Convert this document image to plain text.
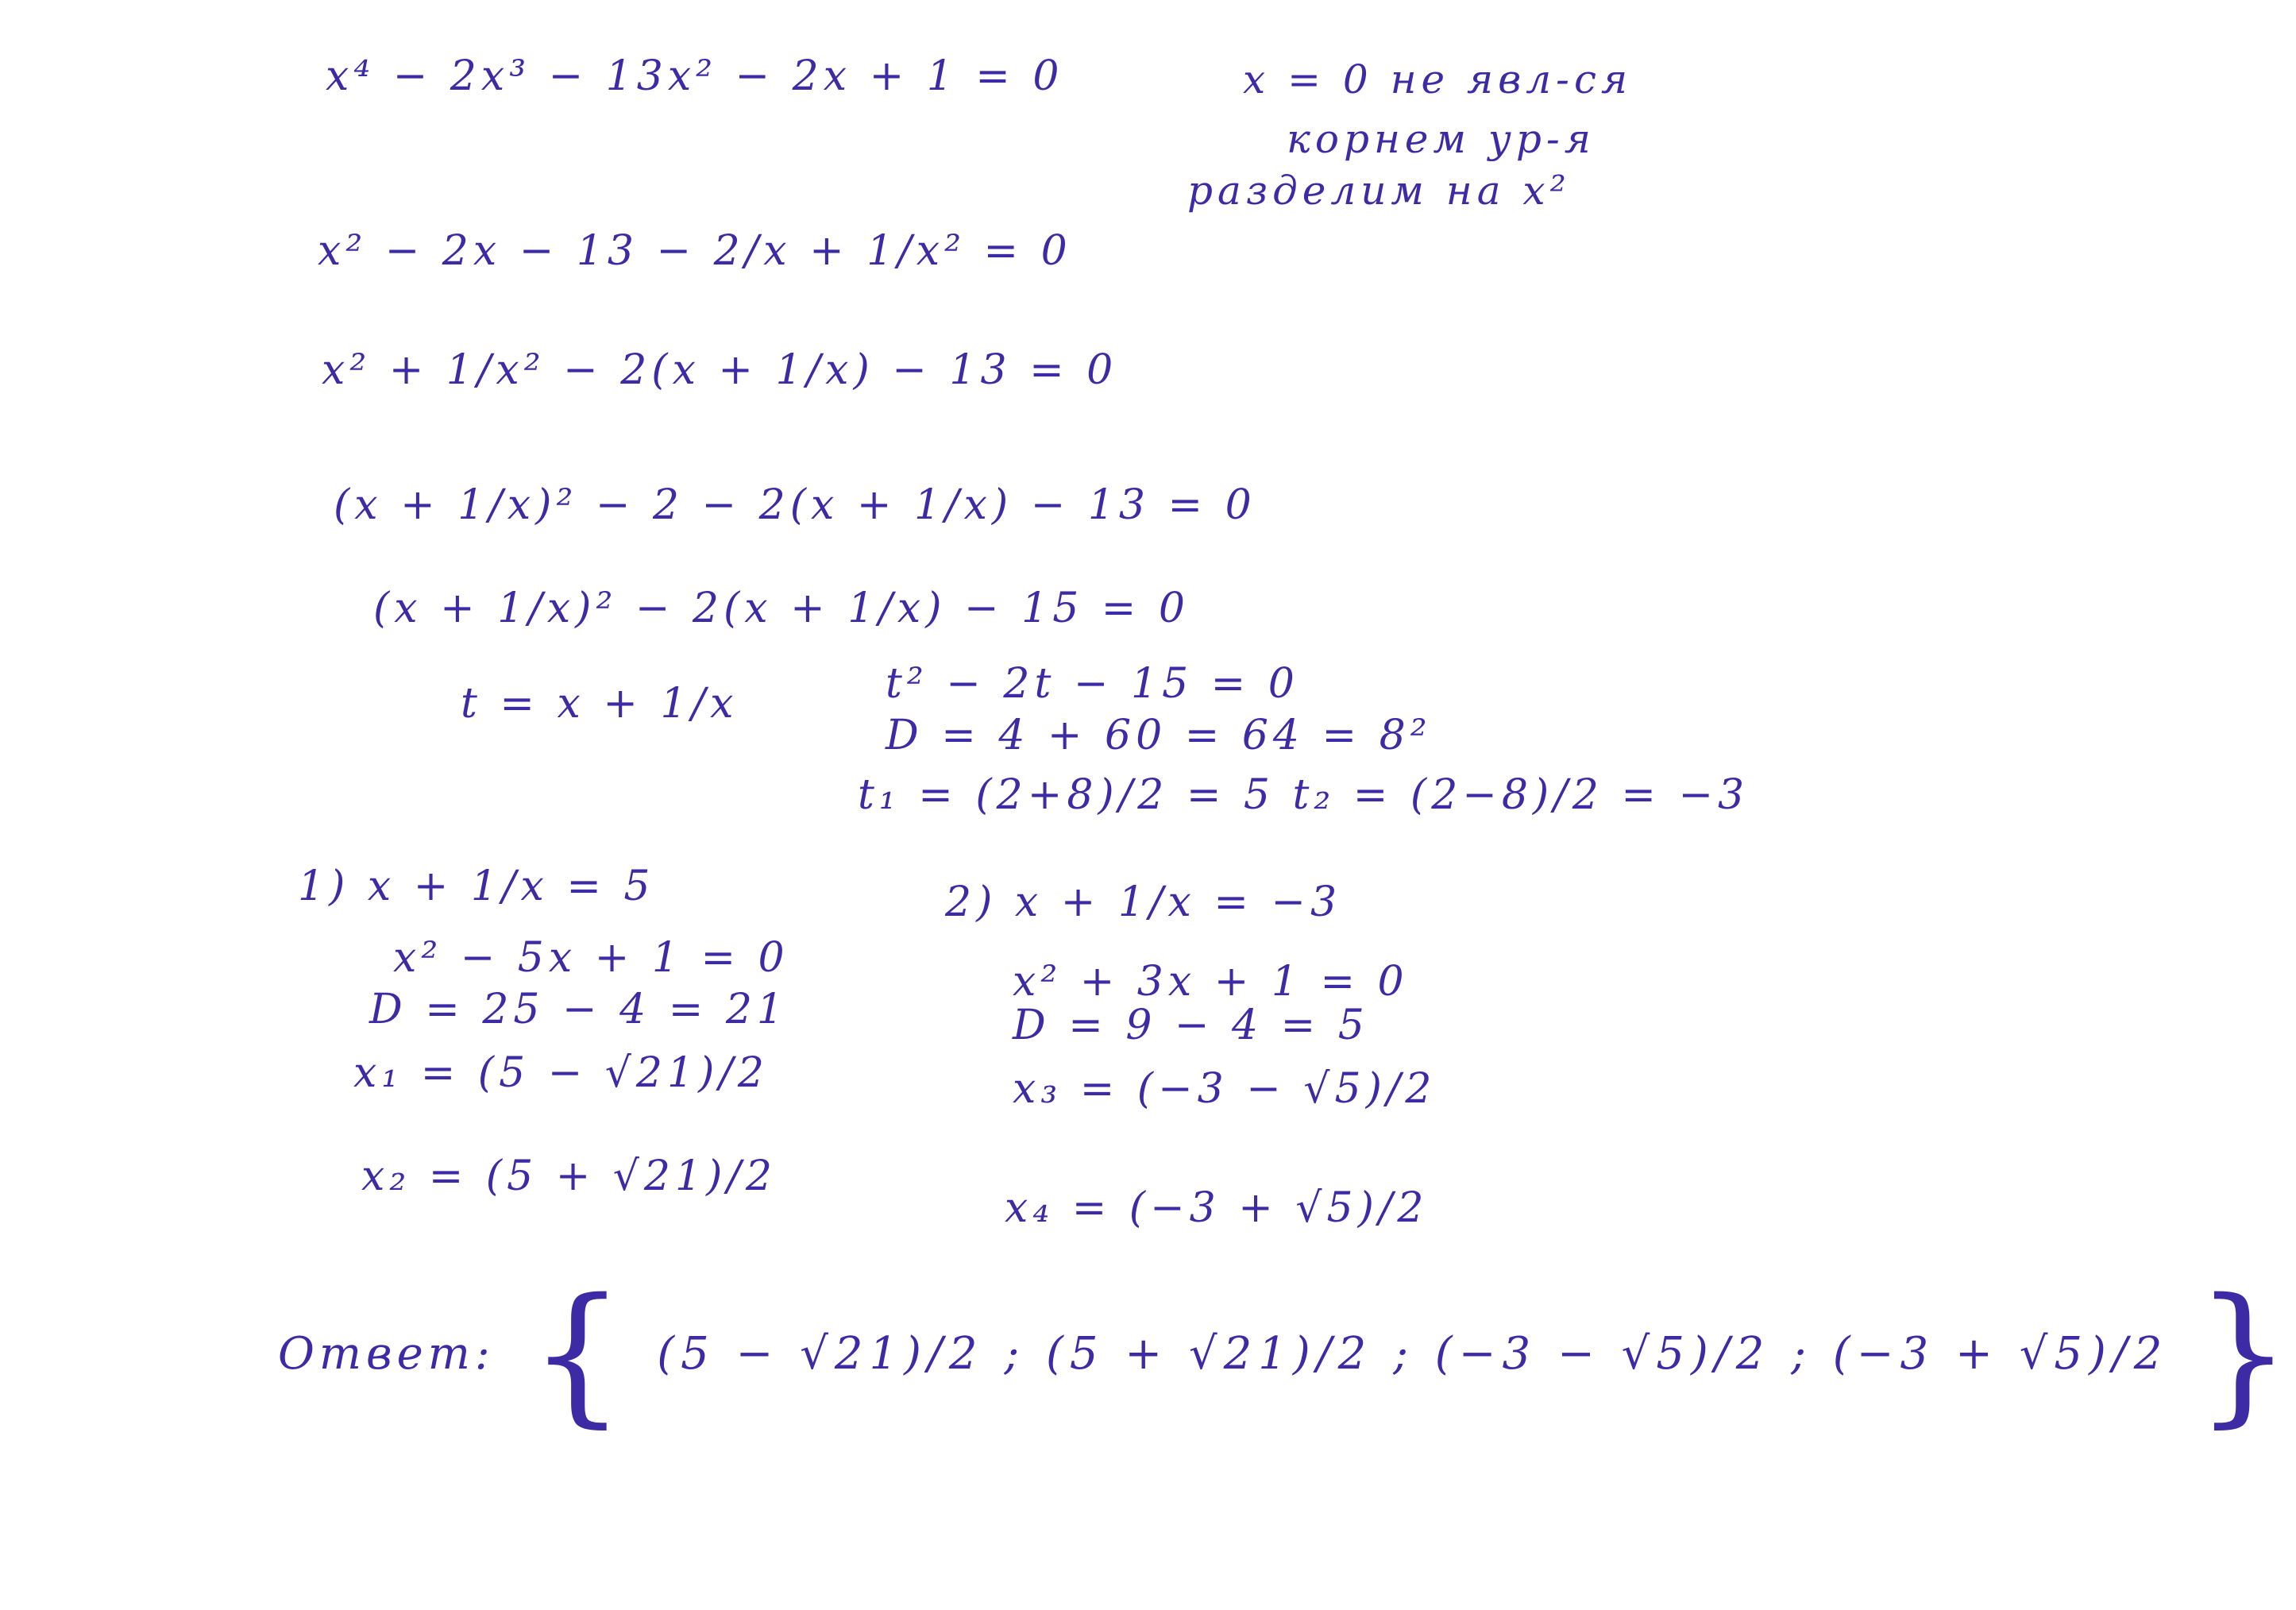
x⁴ − 2x³ − 13x² − 2x + 1 = 0
x² − 2x − 13 − 2/x + 1/x² = 0
x² + 1/x² − 2(x + 1/x) − 13 = 0
(x + 1/x)² − 2 − 2(x + 1/x) − 13 = 0
(x + 1/x)² − 2(x + 1/x) − 15 = 0
t = x + 1/x
x = 0 не явл-ся
корнем ур-я
разделим на x²
t² − 2t − 15 = 0
D = 4 + 60 = 64 = 8²
t₁ = (2+8)/2 = 5 t₂ = (2−8)/2 = −3
1) x + 1/x = 5
x² − 5x + 1 = 0
D = 25 − 4 = 21
x₁ = (5 − √21)/2
x₂ = (5 + √21)/2
2) x + 1/x = −3
x² + 3x + 1 = 0
D = 9 − 4 = 5
x₃ = (−3 − √5)/2
x₄ = (−3 + √5)/2
Ответ: { (5 − √21)/2 ; (5 + √21)/2 ; (−3 − √5)/2 ; (−3 + √5)/2 }
